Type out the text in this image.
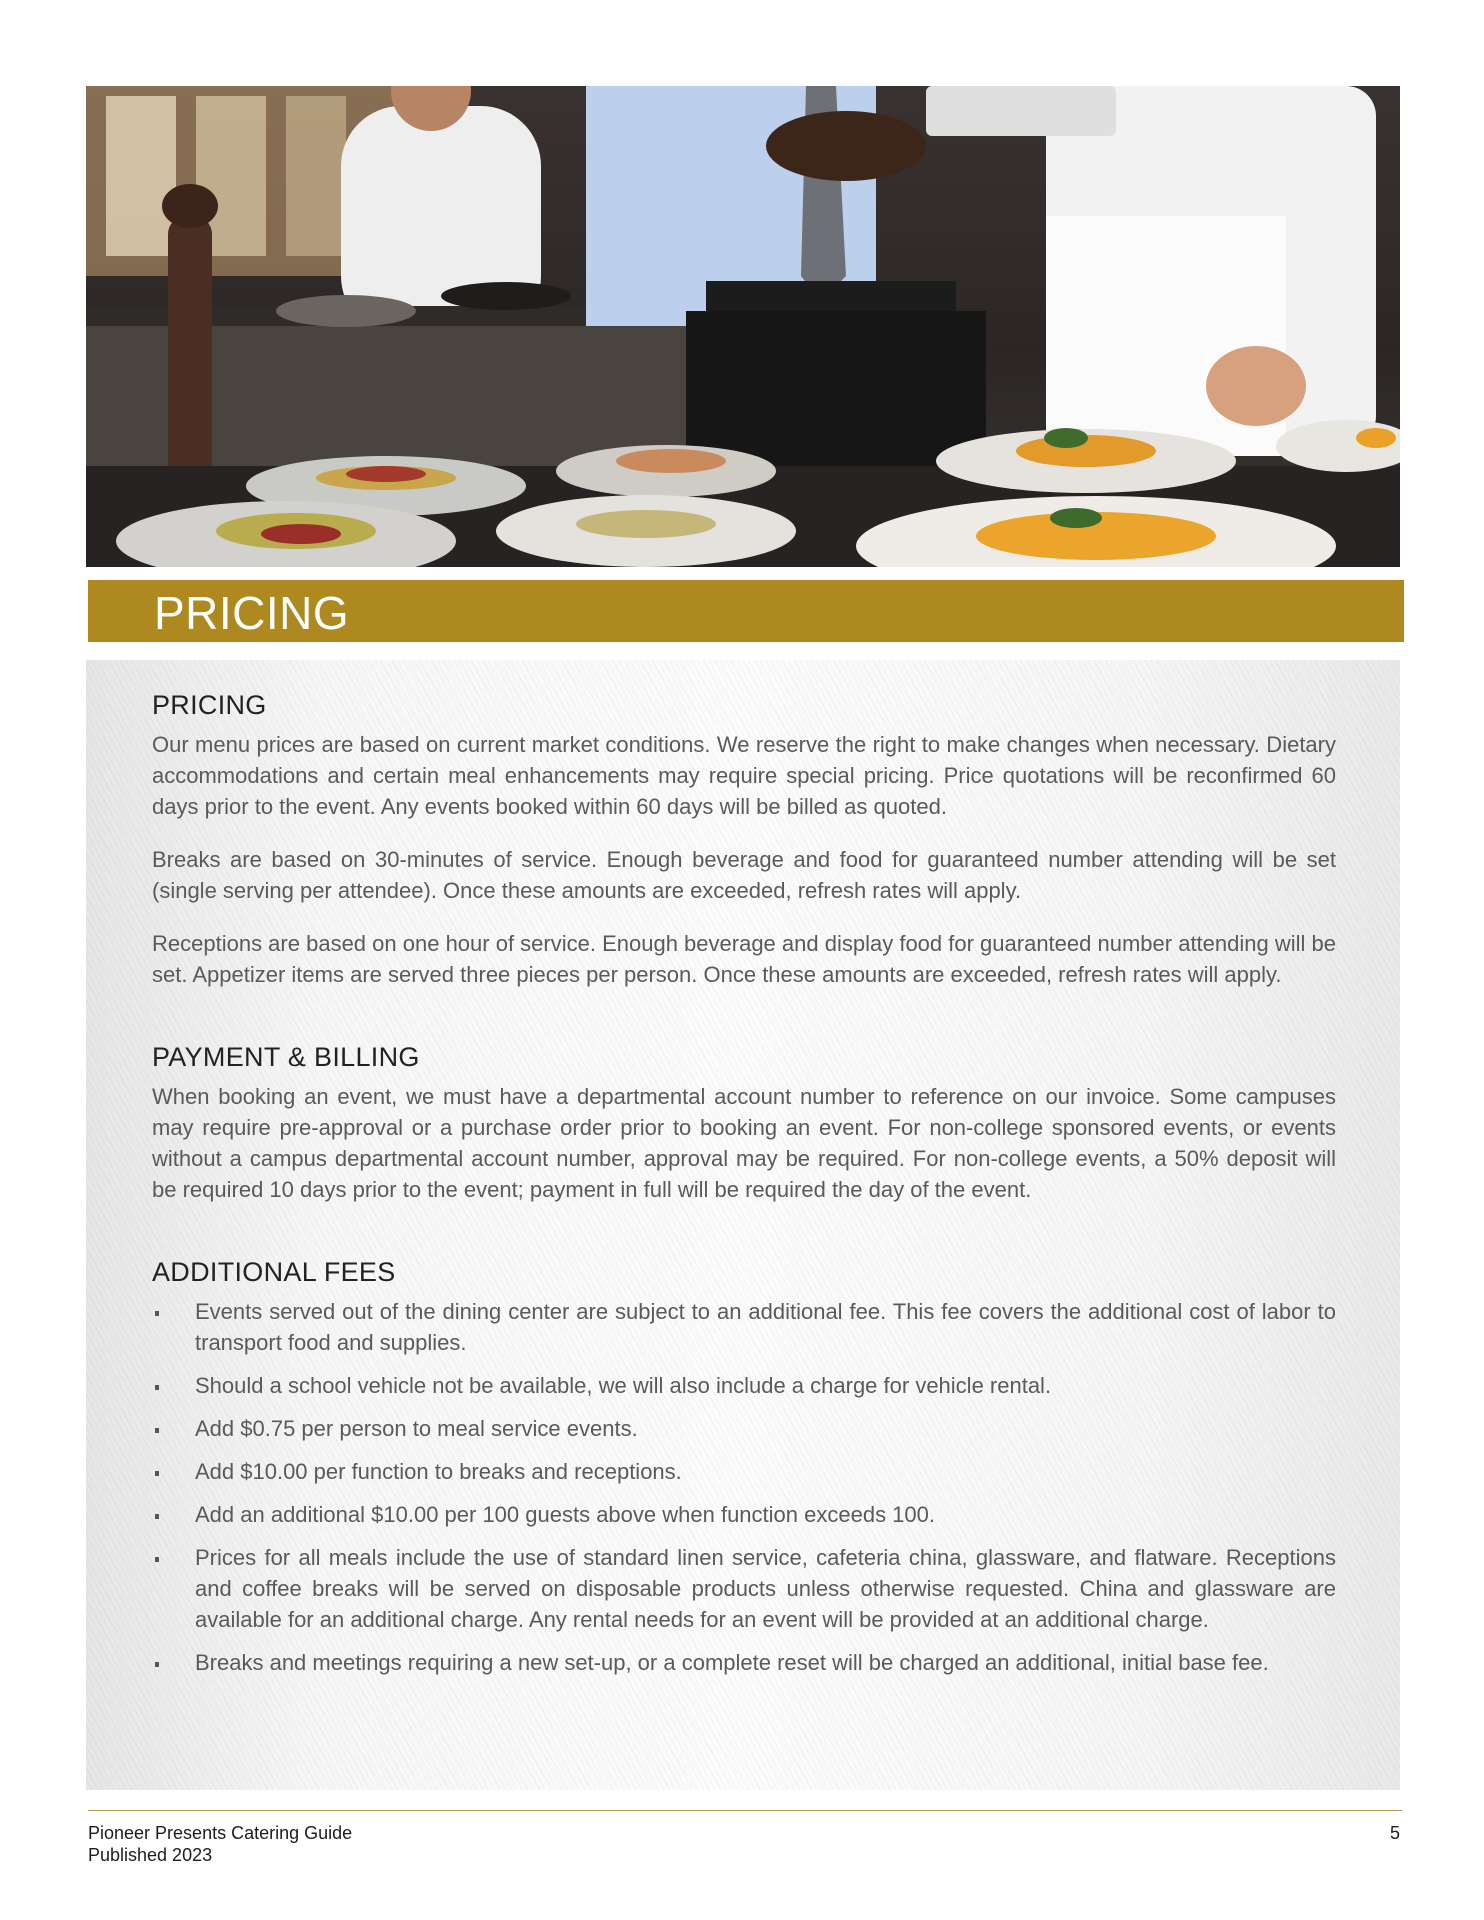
PRICING
PRICING

Our menu prices are based on current market conditions. We reserve the right to make changes when necessary. Dietary accommodations and certain meal enhancements may require special pricing. Price quotations will be reconfirmed 60 days prior to the event. Any events booked within 60 days will be billed as quoted.

Breaks are based on 30-minutes of service. Enough beverage and food for guaranteed number attending will be set (single serving per attendee). Once these amounts are exceeded, refresh rates will apply.

Receptions are based on one hour of service. Enough beverage and display food for guaranteed number attending will be set. Appetizer items are served three pieces per person. Once these amounts are exceeded, refresh rates will apply.

PAYMENT & BILLING

When booking an event, we must have a departmental account number to reference on our invoice. Some campuses may require pre-approval or a purchase order prior to booking an event. For non-college sponsored events, or events without a campus departmental account number, approval may be required. For non-college events, a 50% deposit will be required 10 days prior to the event; payment in full will be required the day of the event.

ADDITIONAL FEES
Events served out of the dining center are subject to an additional fee. This fee covers the additional cost of labor to transport food and supplies.
Should a school vehicle not be available, we will also include a charge for vehicle rental.
Add $0.75 per person to meal service events.
Add $10.00 per function to breaks and receptions.
Add an additional $10.00 per 100 guests above when function exceeds 100.
Prices for all meals include the use of standard linen service, cafeteria china, glassware, and flatware. Receptions and coffee breaks will be served on disposable products unless otherwise requested. China and glassware are available for an additional charge. Any rental needs for an event will be provided at an additional charge.
Breaks and meetings requiring a new set-up, or a complete reset will be charged an additional, initial base fee.
Pioneer Presents Catering Guide
Published 2023
5
